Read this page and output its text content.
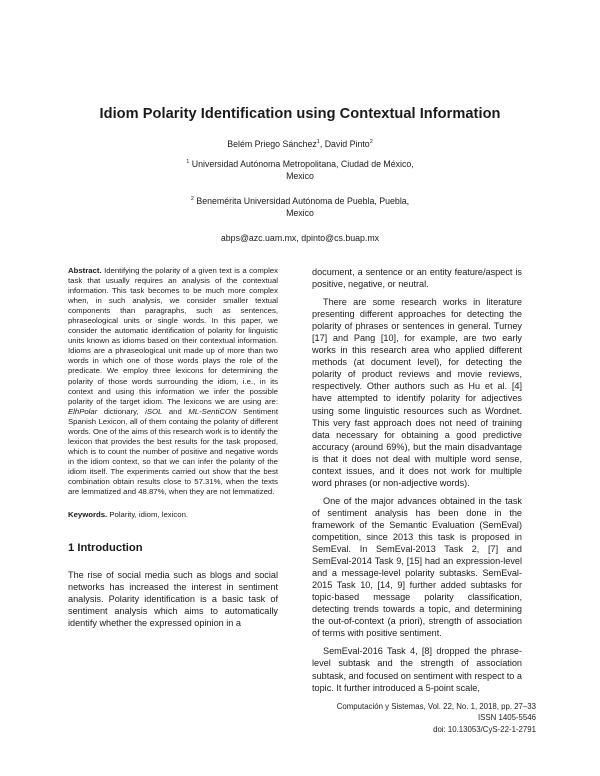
Idiom Polarity Identification using Contextual Information
Belém Priego Sánchez$^1$, David Pinto$^2$
$^1$ Universidad Autónoma Metropolitana, Ciudad de México,
Mexico
$^2$ Benemérita Universidad Autónoma de Puebla, Puebla,
Mexico
abps@azc.uam.mx, dpinto@cs.buap.mx

Abstract. Identifying the polarity of a given text is a complex task that usually requires an analysis of the contextual information. This task becomes to be much more complex when, in such analysis, we consider smaller textual components than paragraphs, such as sentences, phraseological units or single words. In this paper, we consider the automatic identification of polarity for linguistic units known as idioms based on their contextual information. Idioms are a phraseological unit made up of more than two words in which one of those words plays the role of the predicate. We employ three lexicons for determining the polarity of those words surrounding the idiom, i.e., in its context and using this information we infer the possible polarity of the target idiom. The lexicons we are using are: ElhPolar dictionary, iSOL and ML-SentiCON Sentiment Spanish Lexicon, all of them containg the polarity of different words. One of the aims of this research work is to identify the lexicon that provides the best results for the task proposed, which is to count the number of positive and negative words in the idiom context, so that we can infer the polarity of the idiom itself. The experiments carried out show that the best combination obtain results close to 57.31%, when the texts are lemmatized and 48.87%, when they are not lemmatized.

Keywords. Polarity, idiom, lexicon.

1 Introduction

The rise of social media such as blogs and social networks has increased the interest in sentiment analysis. Polarity identification is a basic task of sentiment analysis which aims to automatically identify whether the expressed opinion in a

document, a sentence or an entity feature/aspect is positive, negative, or neutral.

There are some research works in literature presenting different approaches for detecting the polarity of phrases or sentences in general. Turney [17] and Pang [10], for example, are two early works in this research area who applied different methods (at document level), for detecting the polarity of product reviews and movie reviews, respectively. Other authors such as Hu et al. [4] have attempted to identify polarity for adjectives using some linguistic resources such as Wordnet. This very fast approach does not need of training data necessary for obtaining a good predictive accuracy (around 69%), but the main disadvantage is that it does not deal with multiple word sense, context issues, and it does not work for multiple word phrases (or non-adjective words).

One of the major advances obtained in the task of sentiment analysis has been done in the framework of the Semantic Evaluation (SemEval) competition, since 2013 this task is proposed in SemEval. In SemEval-2013 Task 2, [7] and SemEval-2014 Task 9, [15] had an expression-level and a message-level polarity subtasks. SemEval-2015 Task 10, [14, 9] further added subtasks for topic-based message polarity classification, detecting trends towards a topic, and determining the out-of-context (a priori), strength of association of terms with positive sentiment.

SemEval-2016 Task 4, [8] dropped the phrase-level subtask and the strength of association subtask, and focused on sentiment with respect to a topic. It further introduced a 5-point scale,

Computación y Sistemas, Vol. 22, No. 1, 2018, pp. 27–33
ISSN 1405-5546
doi: 10.13053/CyS-22-1-2791
